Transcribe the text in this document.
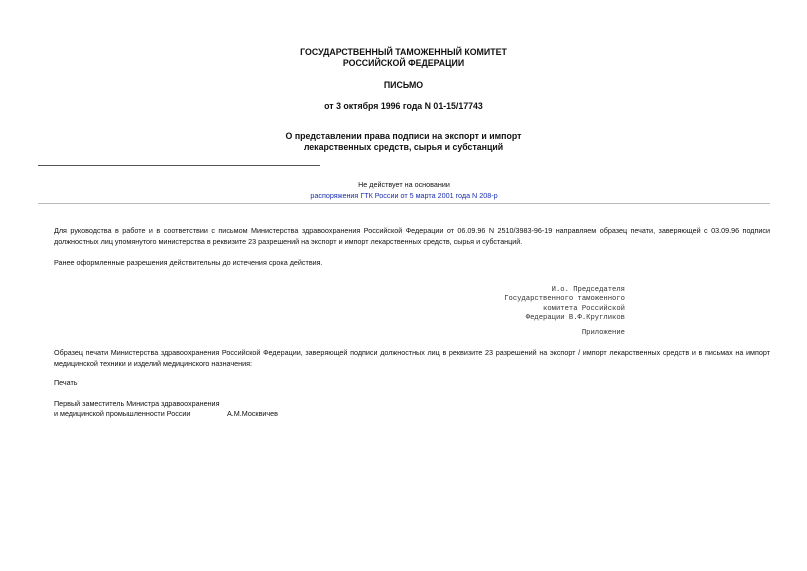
ГОСУДАРСТВЕННЫЙ ТАМОЖЕННЫЙ КОМИТЕТ
РОССИЙСКОЙ ФЕДЕРАЦИИ
ПИСЬМО
от 3 октября 1996 года N 01-15/17743
О представлении права подписи на экспорт и импорт
лекарственных средств, сырья и субстанций
Не действует на основании
распоряжения ГТК России от 5 марта 2001 года N 208-р
Для руководства в работе и в соответствии с письмом Министерства здравоохранения Российской Федерации от 06.09.96 N 2510/3983-96-19 направляем образец печати, заверяющей с 03.09.96 подписи должностных лиц упомянутого министерства в реквизите 23 разрешений на экспорт и импорт лекарственных средств, сырья и субстанций.
Ранее оформленные разрешения действительны до истечения срока действия.
И.о. Председателя
Государственного таможенного
комитета Российской
Федерации В.Ф.Кругликов
Приложение
Образец печати Министерства здравоохранения Российской Федерации, заверяющей подписи должностных лиц в реквизите 23 разрешений на экспорт / импорт лекарственных средств и в письмах на импорт медицинской техники и изделий медицинского назначения:
Печать
Первый заместитель Министра здравоохранения
и медицинской промышленности России	А.М.Москвичев
